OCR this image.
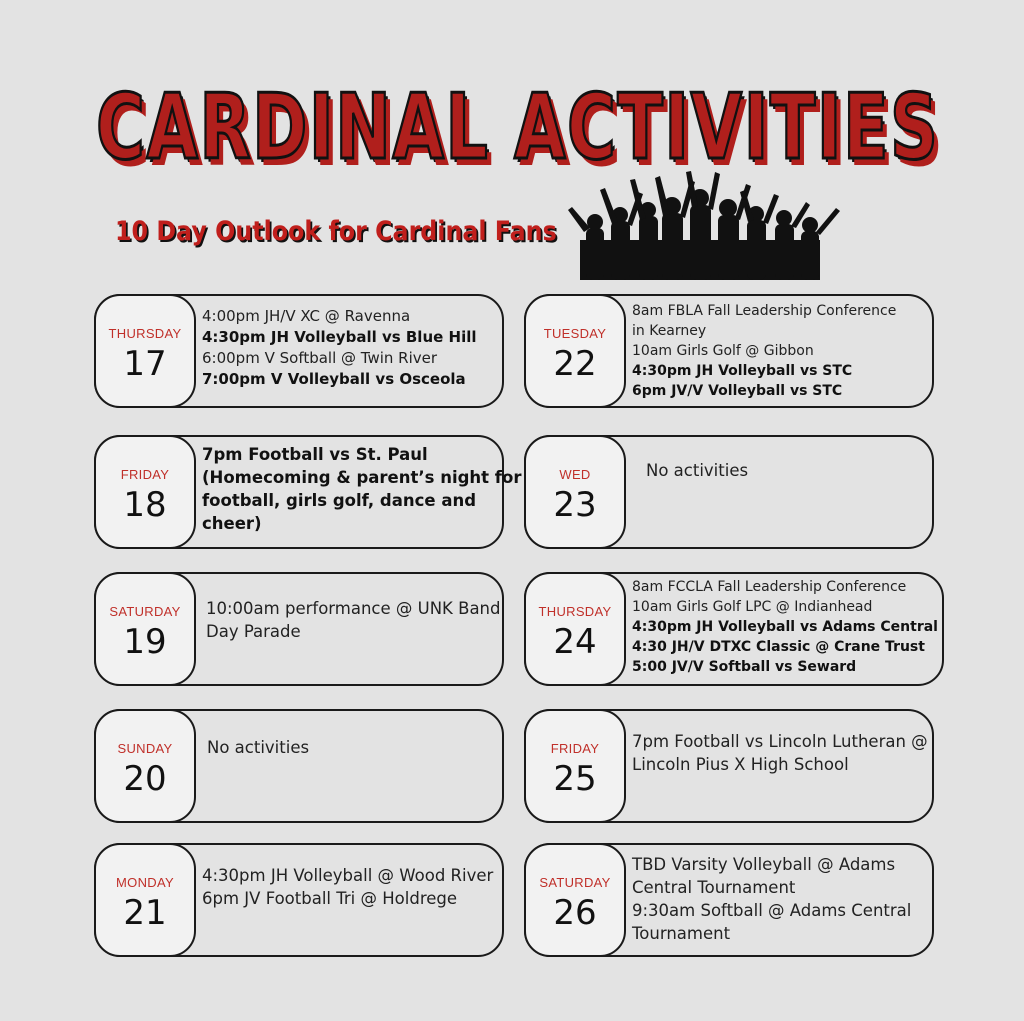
CARDINAL ACTIVITIES
10 Day Outlook for Cardinal Fans
THURSDAY
17
4:00pm JH/V XC @ Ravenna
4:30pm JH Volleyball vs Blue Hill
6:00pm V Softball @ Twin River
7:00pm V Volleyball vs Osceola
FRIDAY
18
7pm Football vs St. Paul
(Homecoming & parent’s night for
football, girls golf, dance and
cheer)
SATURDAY
19
10:00am performance @ UNK Band
Day Parade
SUNDAY
20
No activities
MONDAY
21
4:30pm JH Volleyball @ Wood River
6pm JV Football Tri @ Holdrege
TUESDAY
22
8am FBLA Fall Leadership Conference
in Kearney
10am Girls Golf @ Gibbon
4:30pm JH Volleyball vs STC
6pm JV/V Volleyball vs STC
WED
23
No activities
THURSDAY
24
8am FCCLA Fall Leadership Conference
10am Girls Golf LPC @ Indianhead
4:30pm JH Volleyball vs Adams Central
4:30 JH/V DTXC Classic @ Crane Trust
5:00 JV/V Softball vs Seward
FRIDAY
25
7pm Football vs Lincoln Lutheran @
Lincoln Pius X High School
SATURDAY
26
TBD Varsity Volleyball @ Adams
Central Tournament
9:30am Softball @ Adams Central
Tournament
